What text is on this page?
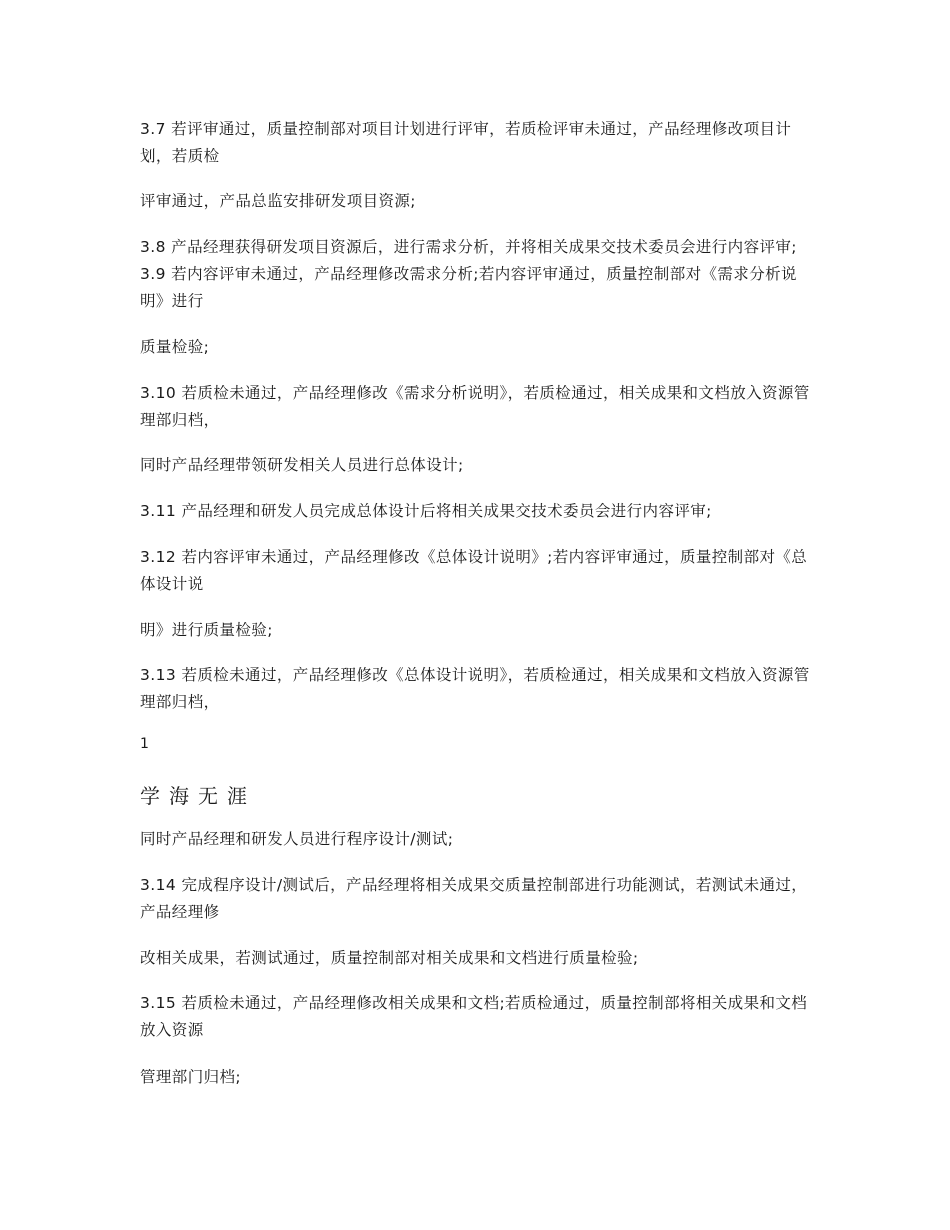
3.7 若评审通过，质量控制部对项目计划进行评审，若质检评审未通过，产品经理修改项目计划，若质检

评审通过，产品总监安排研发项目资源;

3.8 产品经理获得研发项目资源后，进行需求分析，并将相关成果交技术委员会进行内容评审; 3.9 若内容评审未通过，产品经理修改需求分析;若内容评审通过，质量控制部对《需求分析说明》进行

质量检验;

3.10 若质检未通过，产品经理修改《需求分析说明》，若质检通过，相关成果和文档放入资源管理部归档，

同时产品经理带领研发相关人员进行总体设计;

3.11 产品经理和研发人员完成总体设计后将相关成果交技术委员会进行内容评审;

3.12 若内容评审未通过，产品经理修改《总体设计说明》;若内容评审通过，质量控制部对《总体设计说

明》进行质量检验;

3.13 若质检未通过，产品经理修改《总体设计说明》，若质检通过，相关成果和文档放入资源管理部归档，

1

学海无涯

同时产品经理和研发人员进行程序设计/测试;

3.14 完成程序设计/测试后，产品经理将相关成果交质量控制部进行功能测试，若测试未通过，产品经理修

改相关成果，若测试通过，质量控制部对相关成果和文档进行质量检验;

3.15 若质检未通过，产品经理修改相关成果和文档;若质检通过，质量控制部将相关成果和文档放入资源

管理部门归档;
